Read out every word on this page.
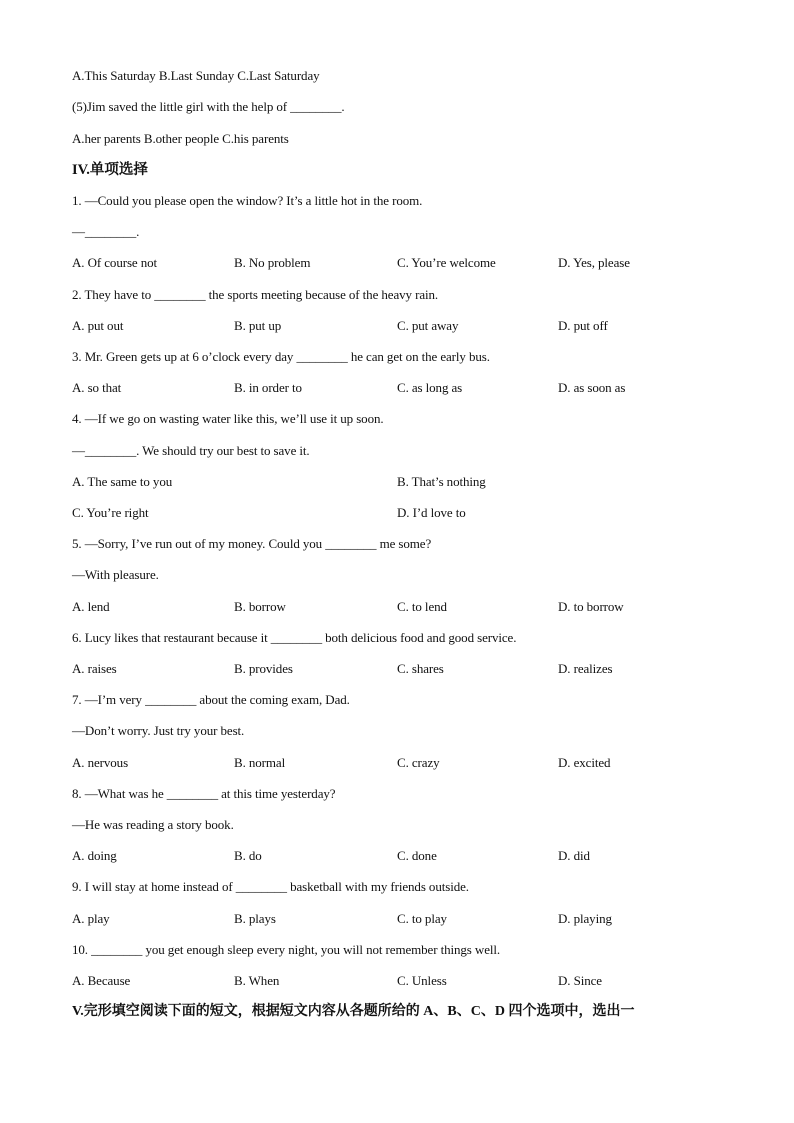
A.This Saturday B.Last Sunday C.Last Saturday
(5)Jim saved the little girl with the help of ________.
A.her parents B.other people C.his parents
IV.单项选择
1. —Could you please open the window? It’s a little hot in the room.
—________.
A. Of course not	B. No problem	C. You’re welcome	D. Yes, please
2. They have to ________ the sports meeting because of the heavy rain.
A. put out	B. put up	C. put away	D. put off
3. Mr. Green gets up at 6 o’clock every day ________ he can get on the early bus.
A. so that	B. in order to	C. as long as	D. as soon as
4. —If we go on wasting water like this, we’ll use it up soon.
—________. We should try our best to save it.
A. The same to you	B. That’s nothing
C. You’re right	D. I’d love to
5. —Sorry, I’ve run out of my money. Could you ________ me some?
—With pleasure.
A. lend	B. borrow	C. to lend	D. to borrow
6. Lucy likes that restaurant because it ________ both delicious food and good service.
A. raises	B. provides	C. shares	D. realizes
7. —I’m very ________ about the coming exam, Dad.
—Don’t worry. Just try your best.
A. nervous	B. normal	C. crazy	D. excited
8. —What was he ________ at this time yesterday?
—He was reading a story book.
A. doing	B. do	C. done	D. did
9. I will stay at home instead of ________ basketball with my friends outside.
A. play	B. plays	C. to play	D. playing
10. ________ you get enough sleep every night, you will not remember things well.
A. Because	B. When	C. Unless	D. Since
V.完形填空阅读下面的短文，根据短文内容从各题所给的 A、B、C、D 四个选项中，选出一
